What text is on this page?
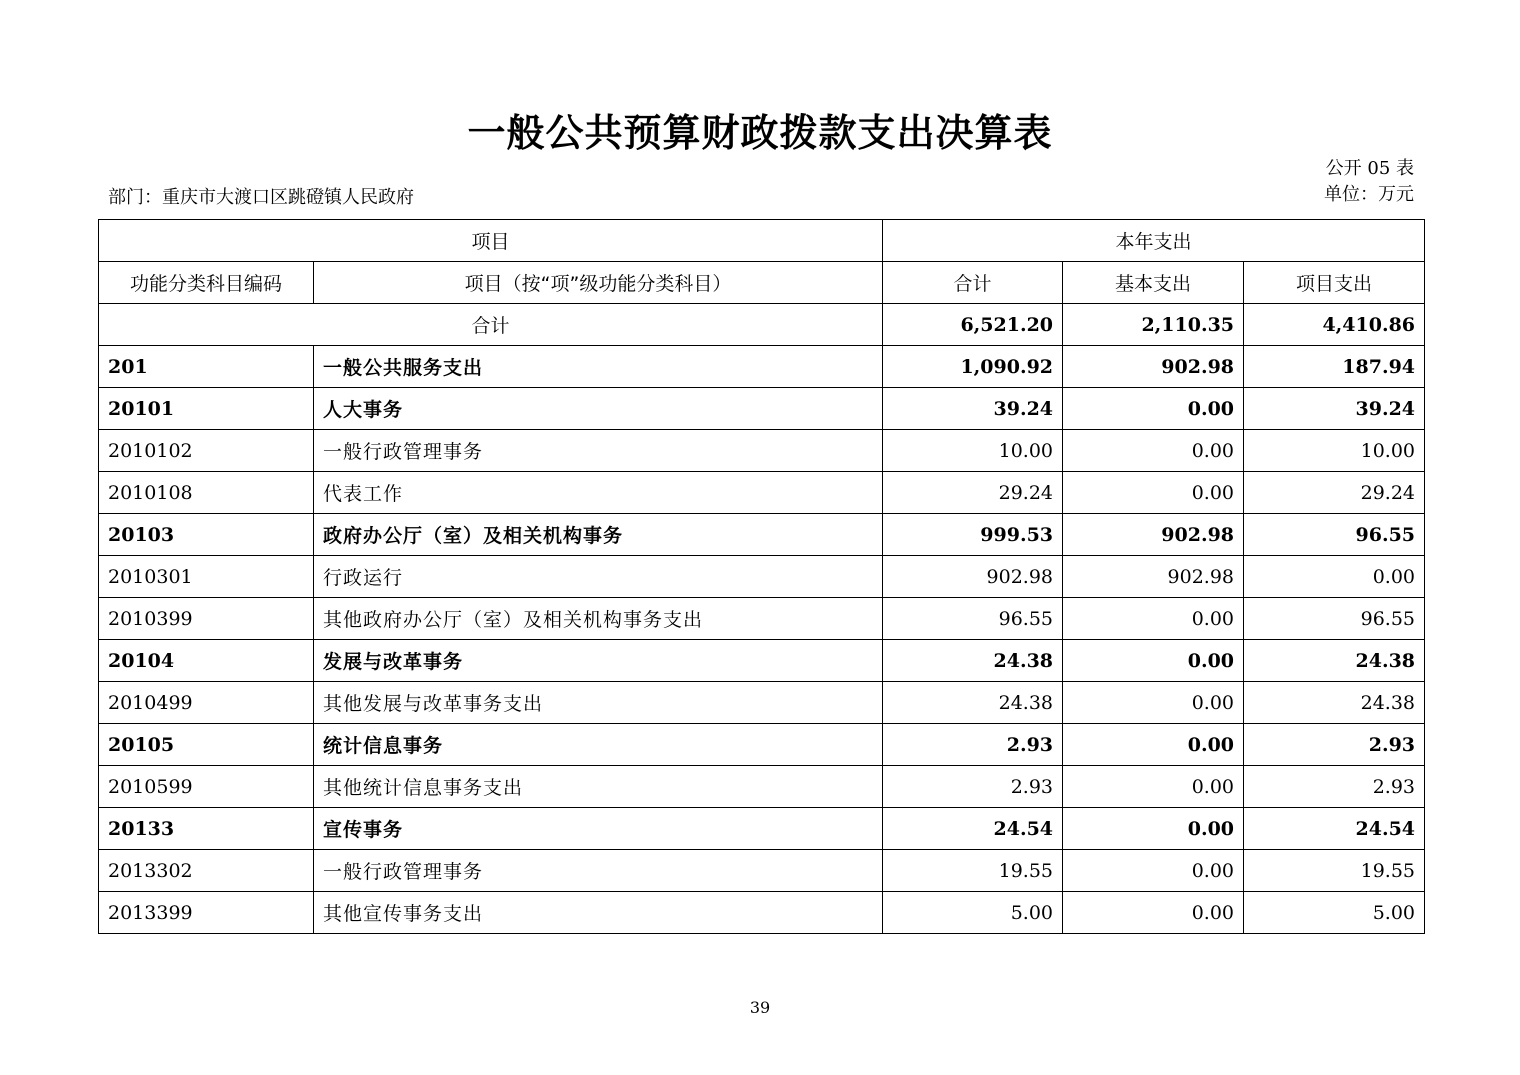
一般公共预算财政拨款支出决算表
公开 05 表
部门：重庆市大渡口区跳磴镇人民政府	单位：万元
项目		本年支出		
功能分类科目编码	项目（按“项”级功能分类科目）	合计	基本支出	项目支出
合计		6,521.20	2,110.35	4,410.86
201	一般公共服务支出	1,090.92	902.98	187.94
20101	人大事务	39.24	0.00	39.24
2010102	一般行政管理事务	10.00	0.00	10.00
2010108	代表工作	29.24	0.00	29.24
20103	政府办公厅（室）及相关机构事务	999.53	902.98	96.55
2010301	行政运行	902.98	902.98	0.00
2010399	其他政府办公厅（室）及相关机构事务支出	96.55	0.00	96.55
20104	发展与改革事务	24.38	0.00	24.38
2010499	其他发展与改革事务支出	24.38	0.00	24.38
20105	统计信息事务	2.93	0.00	2.93
2010599	其他统计信息事务支出	2.93	0.00	2.93
20133	宣传事务	24.54	0.00	24.54
2013302	一般行政管理事务	19.55	0.00	19.55
2013399	其他宣传事务支出	5.00	0.00	5.00
39
